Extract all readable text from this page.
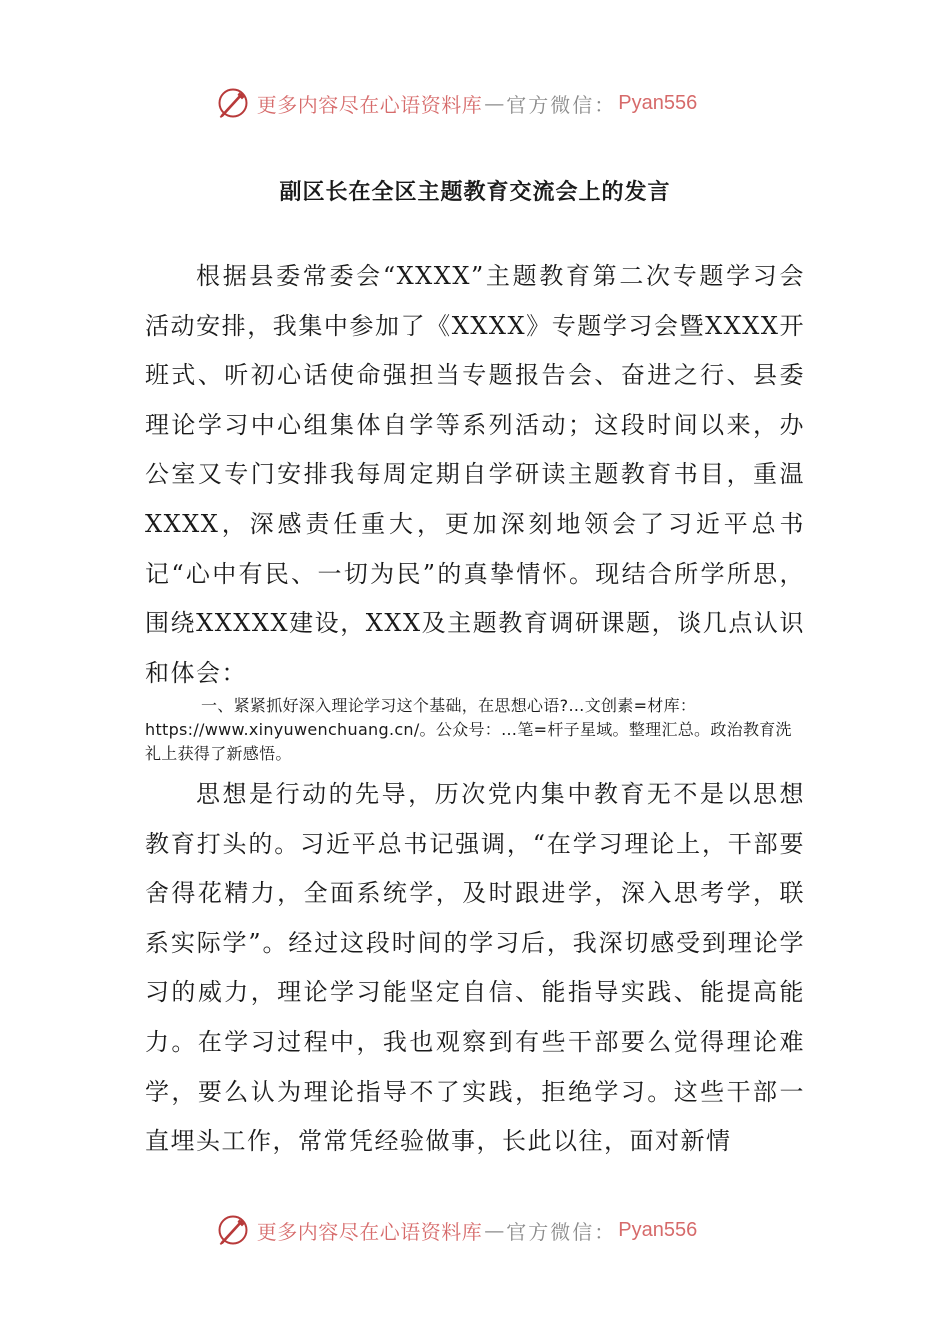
更多内容尽在心语资料库 — 官方微信： Pyan556
副区长在全区主题教育交流会上的发言

根据县委常委会“XXXX”主题教育第二次专题学习会活动安排，我集中参加了《XXXX》专题学习会暨XXXX开班式、听初心话使命强担当专题报告会、奋进之行、县委理论学习中心组集体自学等系列活动；这段时间以来，办公室又专门安排我每周定期自学研读主题教育书目，重温XXXX，深感责任重大，更加深刻地领会了习近平总书记“心中有民、一切为民”的真挚情怀。现结合所学所思，围绕XXXXX建设，XXX及主题教育调研课题，谈几点认识和体会：

一、紧紧抓好深入理论学习这个基础，在思想心语?…文创素=材库：https://www.xinyuwenchuang.cn/。公众号：…笔=杆子星域。整理汇总。政治教育洗礼上获得了新感悟。

思想是行动的先导，历次党内集中教育无不是以思想教育打头的。习近平总书记强调，“在学习理论上，干部要舍得花精力，全面系统学，及时跟进学，深入思考学，联系实际学”。经过这段时间的学习后，我深切感受到理论学习的威力，理论学习能坚定自信、能指导实践、能提高能力。在学习过程中，我也观察到有些干部要么觉得理论难学，要么认为理论指导不了实践，拒绝学习。这些干部一直埋头工作，常常凭经验做事，长此以往，面对新情

更多内容尽在心语资料库 — 官方微信： Pyan556
